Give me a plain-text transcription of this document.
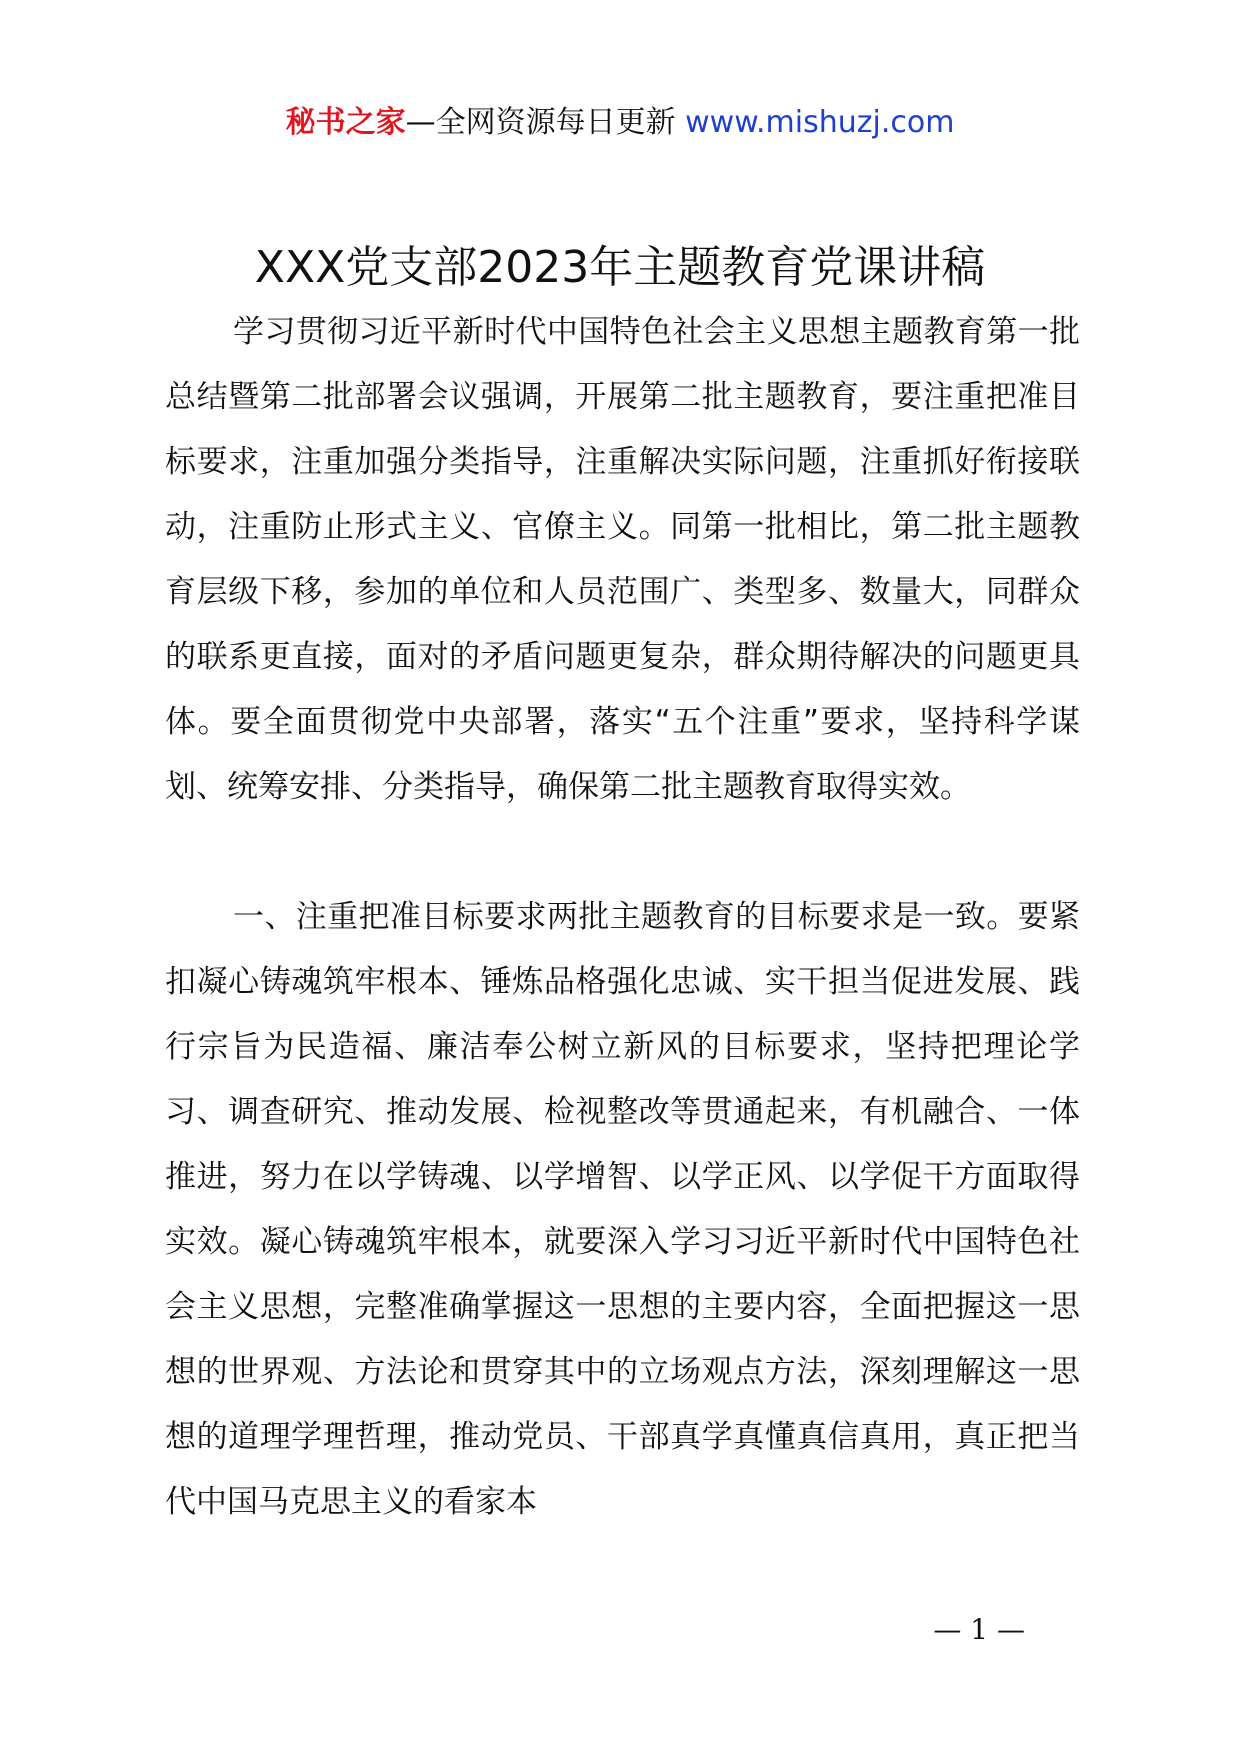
秘书之家—全网资源每日更新 www.mishuzj.com
XXX党支部2023年主题教育党课讲稿

学习贯彻习近平新时代中国特色社会主义思想主题教育第一批总结暨第二批部署会议强调，开展第二批主题教育，要注重把准目标要求，注重加强分类指导，注重解决实际问题，注重抓好衔接联动，注重防止形式主义、官僚主义。同第一批相比，第二批主题教育层级下移，参加的单位和人员范围广、类型多、数量大，同群众的联系更直接，面对的矛盾问题更复杂，群众期待解决的问题更具体。要全面贯彻党中央部署，落实“五个注重”要求，坚持科学谋划、统筹安排、分类指导，确保第二批主题教育取得实效。

一、注重把准目标要求两批主题教育的目标要求是一致。要紧扣凝心铸魂筑牢根本、锤炼品格强化忠诚、实干担当促进发展、践行宗旨为民造福、廉洁奉公树立新风的目标要求，坚持把理论学习、调查研究、推动发展、检视整改等贯通起来，有机融合、一体推进，努力在以学铸魂、以学增智、以学正风、以学促干方面取得实效。凝心铸魂筑牢根本，就要深入学习习近平新时代中国特色社会主义思想，完整准确掌握这一思想的主要内容，全面把握这一思想的世界观、方法论和贯穿其中的立场观点方法，深刻理解这一思想的道理学理哲理，推动党员、干部真学真懂真信真用，真正把当代中国马克思主义的看家本

— 1 —
